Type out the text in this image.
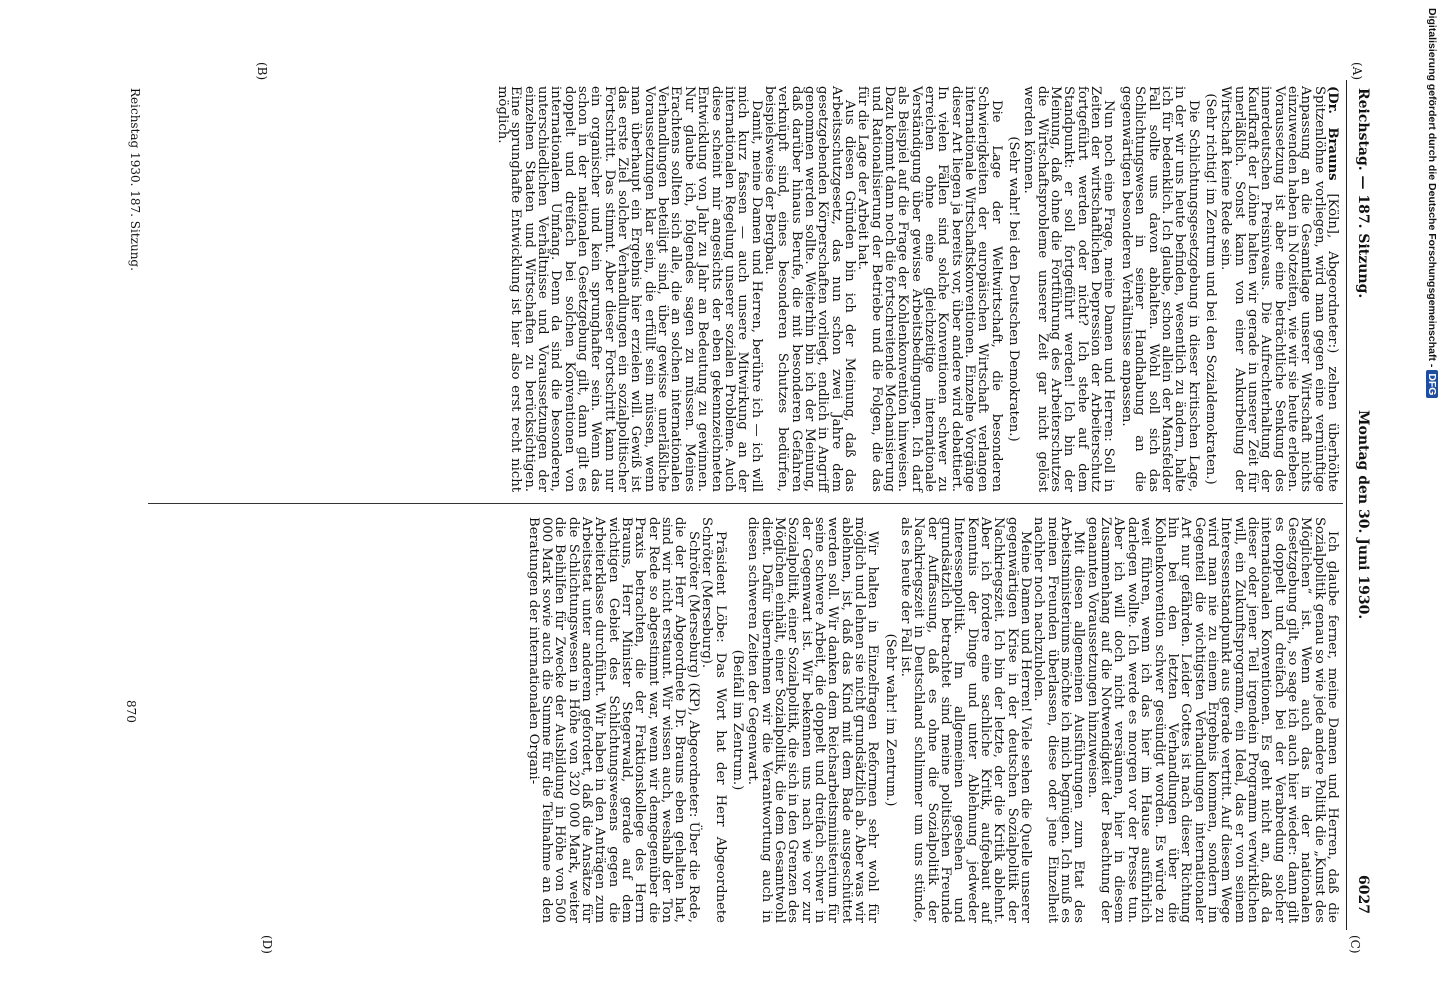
Reichstag. — 187. Sitzung.
Montag den 30. Juni 1930.
6027
(A)
(B)
(C)
(D)

(Dr. Brauns [Köln], Abgeordneter:) zelnen überhöhte Spitzenlöhne vorliegen, wird man gegen eine vernünftige Anpassung an die Gesamtlage unserer Wirtschaft nichts einzuwenden haben in Notzeiten, wie wir sie heute erleben. Voraussetzung ist aber eine beträchtliche Senkung des innerdeutschen Preisniveaus. Die Aufrechterhaltung der Kaufkraft der Löhne halten wir gerade in unserer Zeit für unerläßlich. Sonst kann von einer Ankurbelung der Wirtschaft keine Rede sein.

(Sehr richtig! im Zentrum und bei den Sozialdemokraten.)

Die Schlichtungsgesetzgebung in dieser kritischen Lage, in der wir uns heute befinden, wesentlich zu ändern, halte ich für bedenklich. Ich glaube, schon allein der Mansfelder Fall sollte uns davon abhalten. Wohl soll sich das Schlichtungswesen in seiner Handhabung an die gegenwärtigen besonderen Verhältnisse anpassen.

Nun noch eine Frage, meine Damen und Herren: Soll in Zeiten der wirtschaftlichen Depression der Arbeiterschutz fortgeführt werden oder nicht? Ich stehe auf dem Standpunkt: er soll fortgeführt werden! Ich bin der Meinung, daß ohne die Fortführung des Arbeiterschutzes die Wirtschaftsprobleme unserer Zeit gar nicht gelöst werden können.

(Sehr wahr! bei den Deutschen Demokraten.)

Die Lage der Weltwirtschaft, die besonderen Schwierigkeiten der europäischen Wirtschaft verlangen internationale Wirtschaftskonventionen. Einzelne Vorgänge dieser Art liegen ja bereits vor, über andere wird debattiert. In vielen Fällen sind solche Konventionen schwer zu erreichen ohne eine gleichzeitige internationale Verständigung über gewisse Arbeitsbedingungen. Ich darf als Beispiel auf die Frage der Kohlenkonvention hinweisen. Dazu kommt dann noch die fortschreitende Mechanisierung und Rationalisierung der Betriebe und die Folgen, die das für die Lage der Arbeit hat.

Aus diesen Gründen bin ich der Meinung, daß das Arbeitsschutzgesetz, das nun schon zwei Jahre dem gesetzgebenden Körperschaften vorliegt, endlich in Angriff genommen werden sollte. Weiterhin bin ich der Meinung, daß darüber hinaus Berufe, die mit besonderen Gefahren verknüpft sind, eines besonderen Schutzes bedürfen, beispielsweise der Bergbau.

Damit, meine Damen und Herren, berühre ich — ich will mich kurz fassen — auch unsere Mitwirkung an der internationalen Regelung unserer sozialen Probleme. Auch diese scheint mir angesichts der eben gekennzeichneten Entwicklung von Jahr zu Jahr an Bedeutung zu gewinnen. Nur glaube ich, folgendes sagen zu müssen. Meines Erachtens sollten sich alle, die an solchen internationalen Verhandlungen beteiligt sind, über gewisse unerläßliche Voraussetzungen klar sein, die erfüllt sein müssen, wenn man überhaupt ein Ergebnis hier erzielen will. Gewiß ist das erste Ziel solcher Verhandlungen ein sozialpolitischer Fortschritt. Das stimmt. Aber dieser Fortschritt kann nur ein organischer und kein sprunghafter sein. Wenn das schon in der nationalen Gesetzgebung gilt, dann gilt es doppelt und dreifach bei solchen Konventionen von internationalem Umfang. Denn da sind die besonderen, unterschiedlichen Verhältnisse und Voraussetzungen der einzelnen Staaten und Wirtschaften zu berücksichtigen. Eine sprunghafte Entwicklung ist hier also erst recht nicht möglich.

Ich glaube ferner, meine Damen und Herren, daß die Sozialpolitik genau so wie jede andere Politik die „Kunst des Möglichen“ ist. Wenn auch das in der nationalen Gesetzgebung gilt, so sage ich auch hier wieder: dann gilt es doppelt und dreifach bei der Verabredung solcher internationalen Konventionen. Es geht nicht an, daß da dieser oder jener Teil irgendein Programm verwirklichen will, ein Zukunftsprogramm, ein Ideal, das er von seinem Interessenstandpunkt aus gerade vertritt. Auf diesem Wege wird man nie zu einem Ergebnis kommen, sondern im Gegenteil die wichtigsten Verhandlungen internationaler Art nur gefährden. Leider Gottes ist nach dieser Richtung hin bei den letzten Verhandlungen über die Kohlenkonvention schwer gesündigt worden. Es würde zu weit führen, wenn ich das hier im Hause ausführlich darlegen wollte. Ich werde es morgen vor der Presse tun. Aber ich will doch nicht versäumen, hier in diesem Zusammenhang auf die Notwendigkeit der Beachtung der genannten Voraussetzungen hinzuweisen.

Mit diesen allgemeinen Ausführungen zum Etat des Arbeitsministeriums möchte ich mich begnügen. Ich muß es meinen Freunden überlassen, diese oder jene Einzelheit nachher noch nachzuholen.

Meine Damen und Herren! Viele sehen die Quelle unserer gegenwärtigen Krise in der deutschen Sozialpolitik der Nachkriegszeit. Ich bin der letzte, der die Kritik ablehnt. Aber ich fordere eine sachliche Kritik, aufgebaut auf Kenntnis der Dinge und unter Ablehnung jedweder Interessenpolitik. Im allgemeinen gesehen und grundsätzlich betrachtet sind meine politischen Freunde der Auffassung, daß es ohne die Sozialpolitik der Nachkriegszeit in Deutschland schlimmer um uns stünde, als es heute der Fall ist.

(Sehr wahr! im Zentrum.)

Wir halten in Einzelfragen Reformen sehr wohl für möglich und lehnen sie nicht grundsätzlich ab. Aber was wir ablehnen, ist, daß das Kind mit dem Bade ausgeschüttet werden soll. Wir danken dem Reichsarbeitsministerium für seine schwere Arbeit, die doppelt und dreifach schwer in der Gegenwart ist. Wir bekennen uns nach wie vor zur Sozialpolitik, einer Sozialpolitik, die sich in den Grenzen des Möglichen einhält, einer Sozialpolitik, die dem Gesamtwohl dient. Dafür übernehmen wir die Verantwortung auch in diesen schweren Zeiten der Gegenwart.

(Beifall im Zentrum.)

Präsident Löbe: Das Wort hat der Herr Abgeordnete Schröter (Merseburg).

Schröter (Merseburg) (KP), Abgeordneter: Über die Rede, die der Herr Abgeordnete Dr. Brauns eben gehalten hat, sind wir nicht erstaunt. Wir wissen auch, weshalb der Ton der Rede so abgestimmt war, wenn wir demgegenüber die Praxis betrachten, die der Fraktionskollege des Herrn Brauns, Herr Minister Stegerwald, gerade auf dem wichtigen Gebiet des Schlichtungswesens gegen die Arbeiterklasse durchführt. Wir haben in den Anträgen zum Arbeitsetat unter anderem gefordert, daß die Ansätze für die Schlichtungswesen in Höhe von 320 000 Mark, weiter die Beihilfen für Zwecke der Ausbildung in Höhe von 500 000 Mark sowie auch die Summe für die Teilnahme an den Beratungen der internationalen Organi-

Reichstag 1930. 187. Sitzung.
870
Digitalisierung gefördert durch die Deutsche Forschungsgemeinschaft - DFG
